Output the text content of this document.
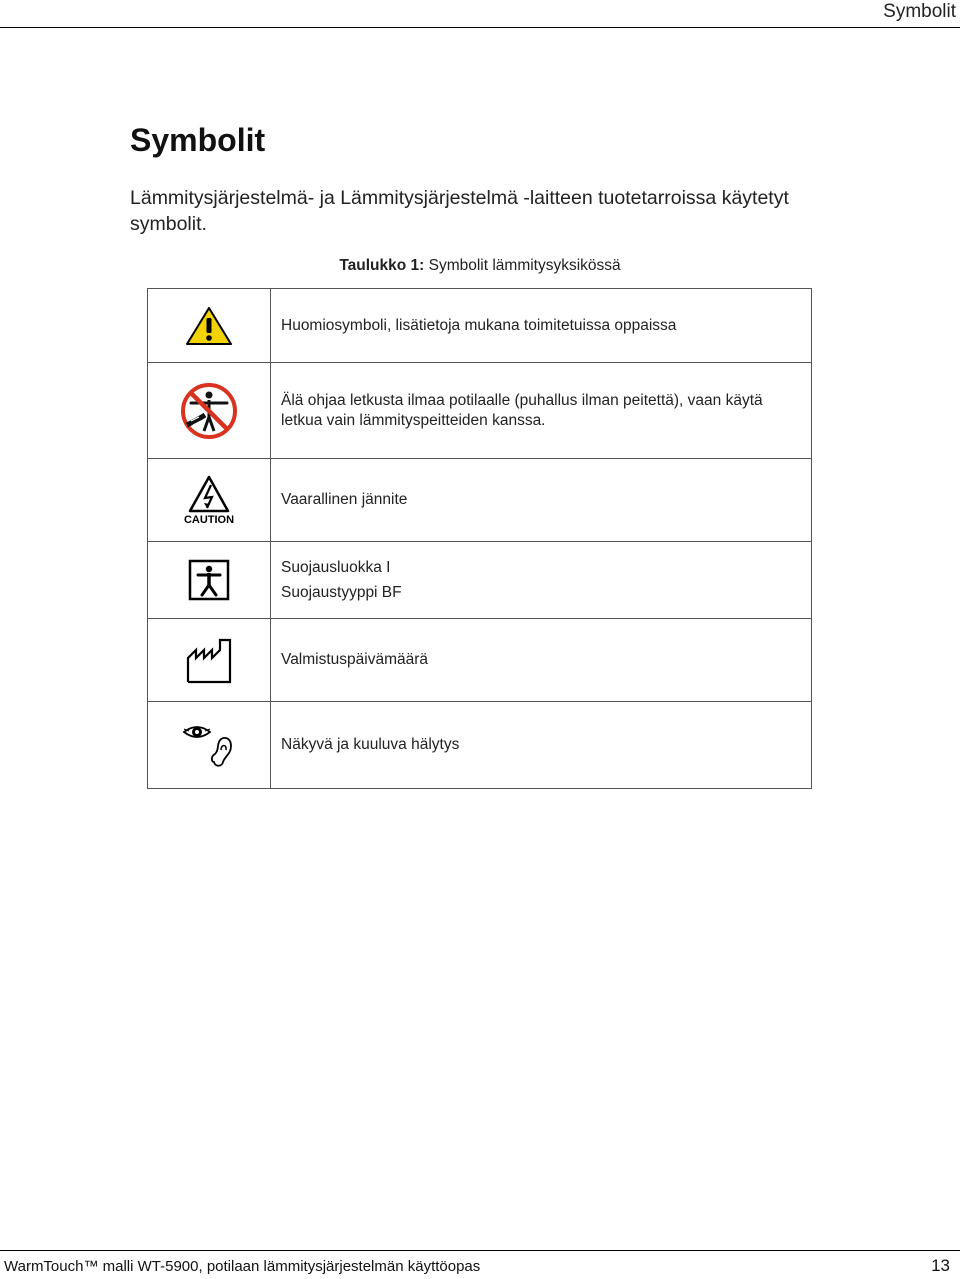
Symbolit
Symbolit

Lämmitysjärjestelmä- ja Lämmitysjärjestelmä -laitteen tuotetarroissa käytetyt symbolit.

Taulukko 1: Symbolit lämmitysyksikössä

Huomiosymboli, lisätietoja mukana toimitetuissa oppaissa

Älä ohjaa letkusta ilmaa potilaalle (puhallus ilman peitettä), vaan käytä letkua vain lämmityspeitteiden kanssa.

CAUTION	Vaarallinen jännite

Suojausluokka I
Suojaustyyppi BF

Valmistuspäivämäärä

Näkyvä ja kuuluva hälytys
WarmTouch™ malli WT-5900, potilaan lämmitysjärjestelmän käyttöopas	13
